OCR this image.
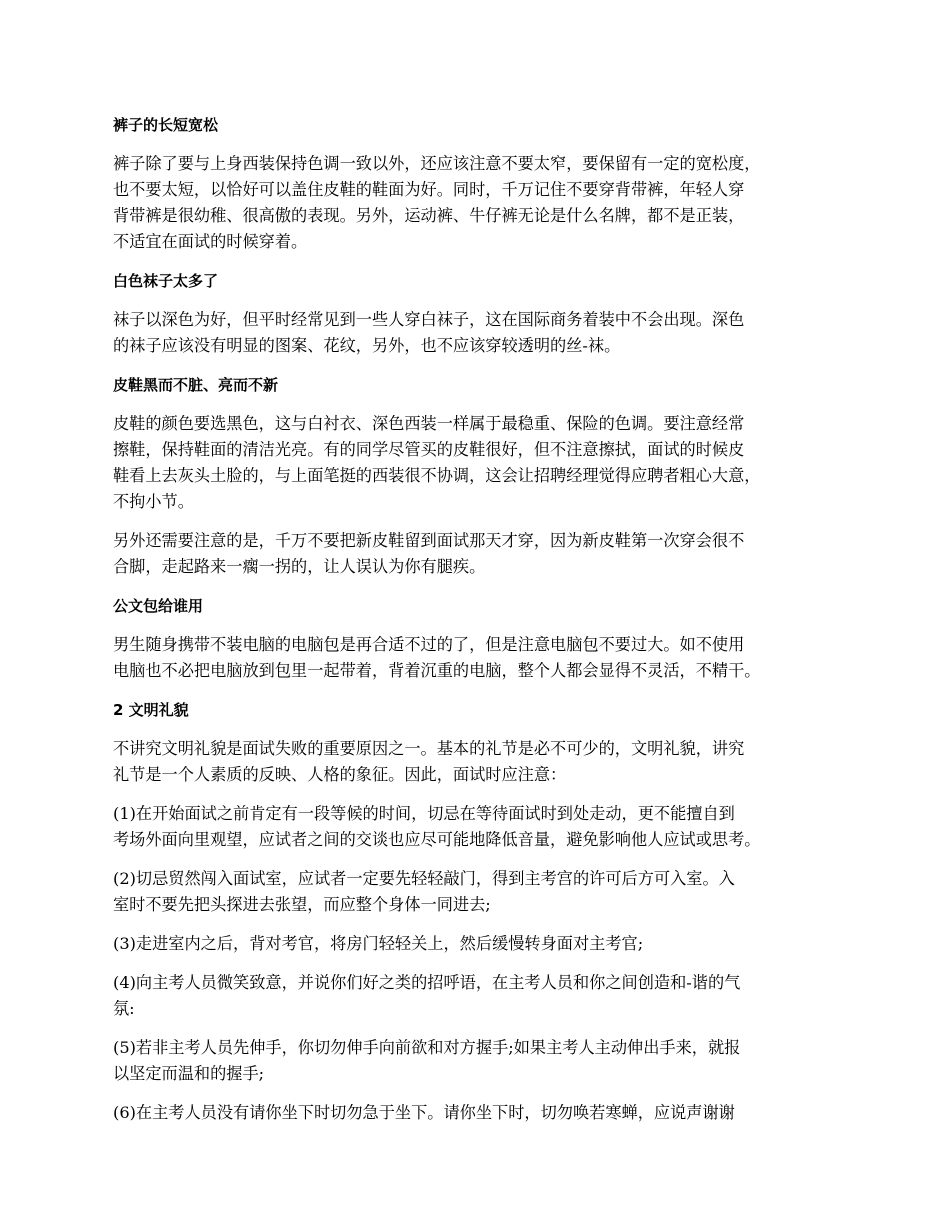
裤子的长短宽松
裤子除了要与上身西装保持色调一致以外，还应该注意不要太窄，要保留有一定的宽松度，
也不要太短，以恰好可以盖住皮鞋的鞋面为好。同时，千万记住不要穿背带裤，年轻人穿
背带裤是很幼稚、很高傲的表现。另外，运动裤、牛仔裤无论是什么名牌，都不是正装，
不适宜在面试的时候穿着。
白色袜子太多了
袜子以深色为好，但平时经常见到一些人穿白袜子，这在国际商务着装中不会出现。深色
的袜子应该没有明显的图案、花纹，另外，也不应该穿较透明的丝-袜。
皮鞋黑而不脏、亮而不新
皮鞋的颜色要选黑色，这与白衬衣、深色西装一样属于最稳重、保险的色调。要注意经常
擦鞋，保持鞋面的清洁光亮。有的同学尽管买的皮鞋很好，但不注意擦拭，面试的时候皮
鞋看上去灰头土脸的，与上面笔挺的西装很不协调，这会让招聘经理觉得应聘者粗心大意，
不拘小节。
另外还需要注意的是，千万不要把新皮鞋留到面试那天才穿，因为新皮鞋第一次穿会很不
合脚，走起路来一瘸一拐的，让人误认为你有腿疾。
公文包给谁用
男生随身携带不装电脑的电脑包是再合适不过的了，但是注意电脑包不要过大。如不使用
电脑也不必把电脑放到包里一起带着，背着沉重的电脑，整个人都会显得不灵活，不精干。
2 文明礼貌
不讲究文明礼貌是面试失败的重要原因之一。基本的礼节是必不可少的，文明礼貌，讲究
礼节是一个人素质的反映、人格的象征。因此，面试时应注意：
(1)在开始面试之前肯定有一段等候的时间，切忌在等待面试时到处走动，更不能擅自到
考场外面向里观望，应试者之间的交谈也应尽可能地降低音量，避免影响他人应试或思考。
(2)切忌贸然闯入面试室，应试者一定要先轻轻敲门，得到主考宫的许可后方可入室。入
室时不要先把头探进去张望，而应整个身体一同进去;
(3)走进室内之后，背对考官，将房门轻轻关上，然后缓慢转身面对主考官;
(4)向主考人员微笑致意，并说你们好之类的招呼语，在主考人员和你之间创造和-谐的气
氛:
(5)若非主考人员先伸手，你切勿伸手向前欲和对方握手;如果主考人主动伸出手来，就报
以坚定而温和的握手;
(6)在主考人员没有请你坐下时切勿急于坐下。请你坐下时，切勿唤若寒蝉，应说声谢谢
